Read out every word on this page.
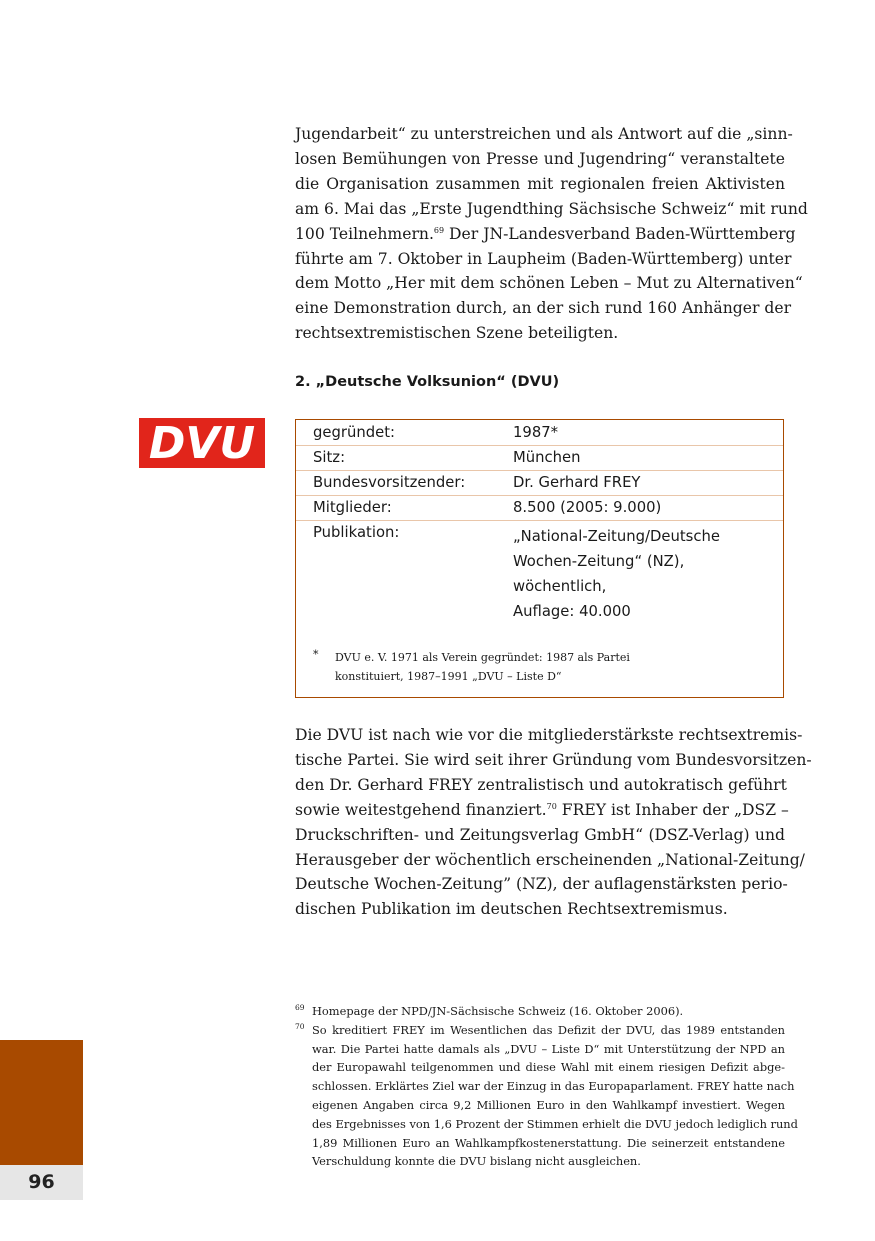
Jugendarbeit“ zu unterstreichen und als Antwort auf die „sinn-
losen Bemühungen von Presse und Jugendring“ veranstaltete
die Organisation zusammen mit regionalen freien Aktivisten
am 6. Mai das „Erste Jugendthing Sächsische Schweiz“ mit rund
100 Teilnehmern.$^{69}$ Der JN-Landesverband Baden-Württemberg
führte am 7. Oktober in Laupheim (Baden-Württemberg) unter
dem Motto „Her mit dem schönen Leben – Mut zu Alternativen“
eine Demonstration durch, an der sich rund 160 Anhänger der
rechtsextremistischen Szene beteiligten.
2. „Deutsche Volksunion“ (DVU)
DVU	gegründet:	1987*
Sitz:	München
Bundesvorsitzender:	Dr. Gerhard FREY
Mitglieder:	8.500 (2005: 9.000)
Publikation:	„National-Zeitung/Deutsche
Wochen-Zeitung“ (NZ),
wöchentlich,
Auflage: 40.000
* DVU e. V. 1971 als Verein gegründet: 1987 als Partei
konstituiert, 1987–1991 „DVU – Liste D“
Die DVU ist nach wie vor die mitgliederstärkste rechtsextremis-
tische Partei. Sie wird seit ihrer Gründung vom Bundesvorsitzen-
den Dr. Gerhard FREY zentralistisch und autokratisch geführt
sowie weitestgehend finanziert.$^{70}$ FREY ist Inhaber der „DSZ –
Druckschriften- und Zeitungsverlag GmbH“ (DSZ-Verlag) und
Herausgeber der wöchentlich erscheinenden „National-Zeitung/
Deutsche Wochen-Zeitung” (NZ), der auflagenstärksten perio-
dischen Publikation im deutschen Rechtsextremismus.
69 Homepage der NPD/JN-Sächsische Schweiz (16. Oktober 2006).
70 So kreditiert FREY im Wesentlichen das Defizit der DVU, das 1989 entstanden
war. Die Partei hatte damals als „DVU – Liste D“ mit Unterstützung der NPD an
der Europawahl teilgenommen und diese Wahl mit einem riesigen Defizit abge-
schlossen. Erklärtes Ziel war der Einzug in das Europaparlament. FREY hatte nach
eigenen Angaben circa 9,2 Millionen Euro in den Wahlkampf investiert. Wegen
des Ergebnisses von 1,6 Prozent der Stimmen erhielt die DVU jedoch lediglich rund
1,89 Millionen Euro an Wahlkampfkostenerstattung. Die seinerzeit entstandene
Verschuldung konnte die DVU bislang nicht ausgleichen.
96
